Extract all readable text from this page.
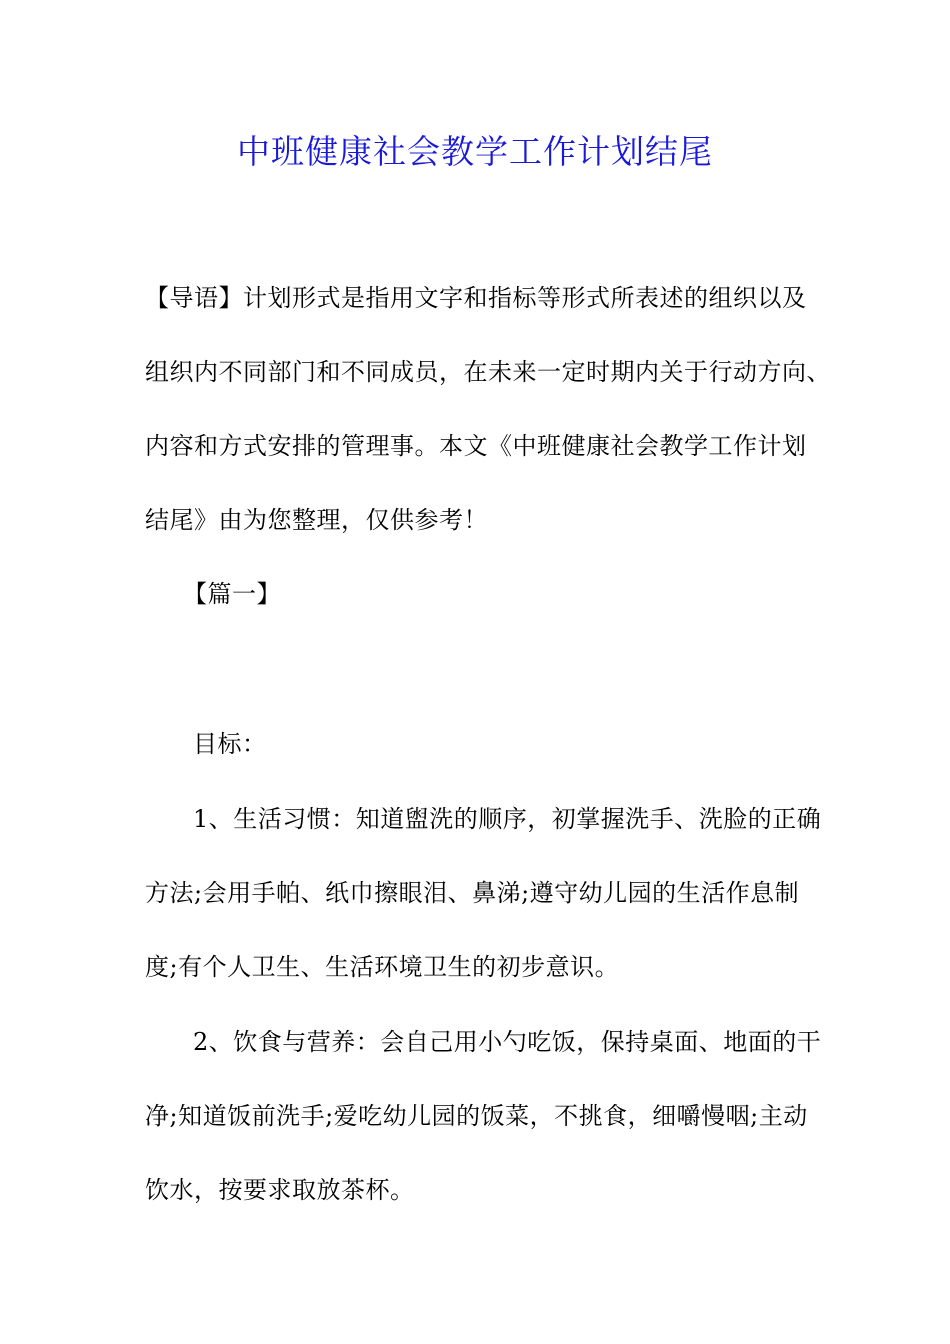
中班健康社会教学工作计划结尾
【导语】计划形式是指用文字和指标等形式所表述的组织以及
组织内不同部门和不同成员，在未来一定时期内关于行动方向、
内容和方式安排的管理事。本文《中班健康社会教学工作计划
结尾》由为您整理，仅供参考！
【篇一】
目标：
1、生活习惯：知道盥洗的顺序，初掌握洗手、洗脸的正确
方法;会用手帕、纸巾擦眼泪、鼻涕;遵守幼儿园的生活作息制
度;有个人卫生、生活环境卫生的初步意识。
2、饮食与营养：会自己用小勺吃饭，保持桌面、地面的干
净;知道饭前洗手;爱吃幼儿园的饭菜，不挑食，细嚼慢咽;主动
饮水，按要求取放茶杯。
